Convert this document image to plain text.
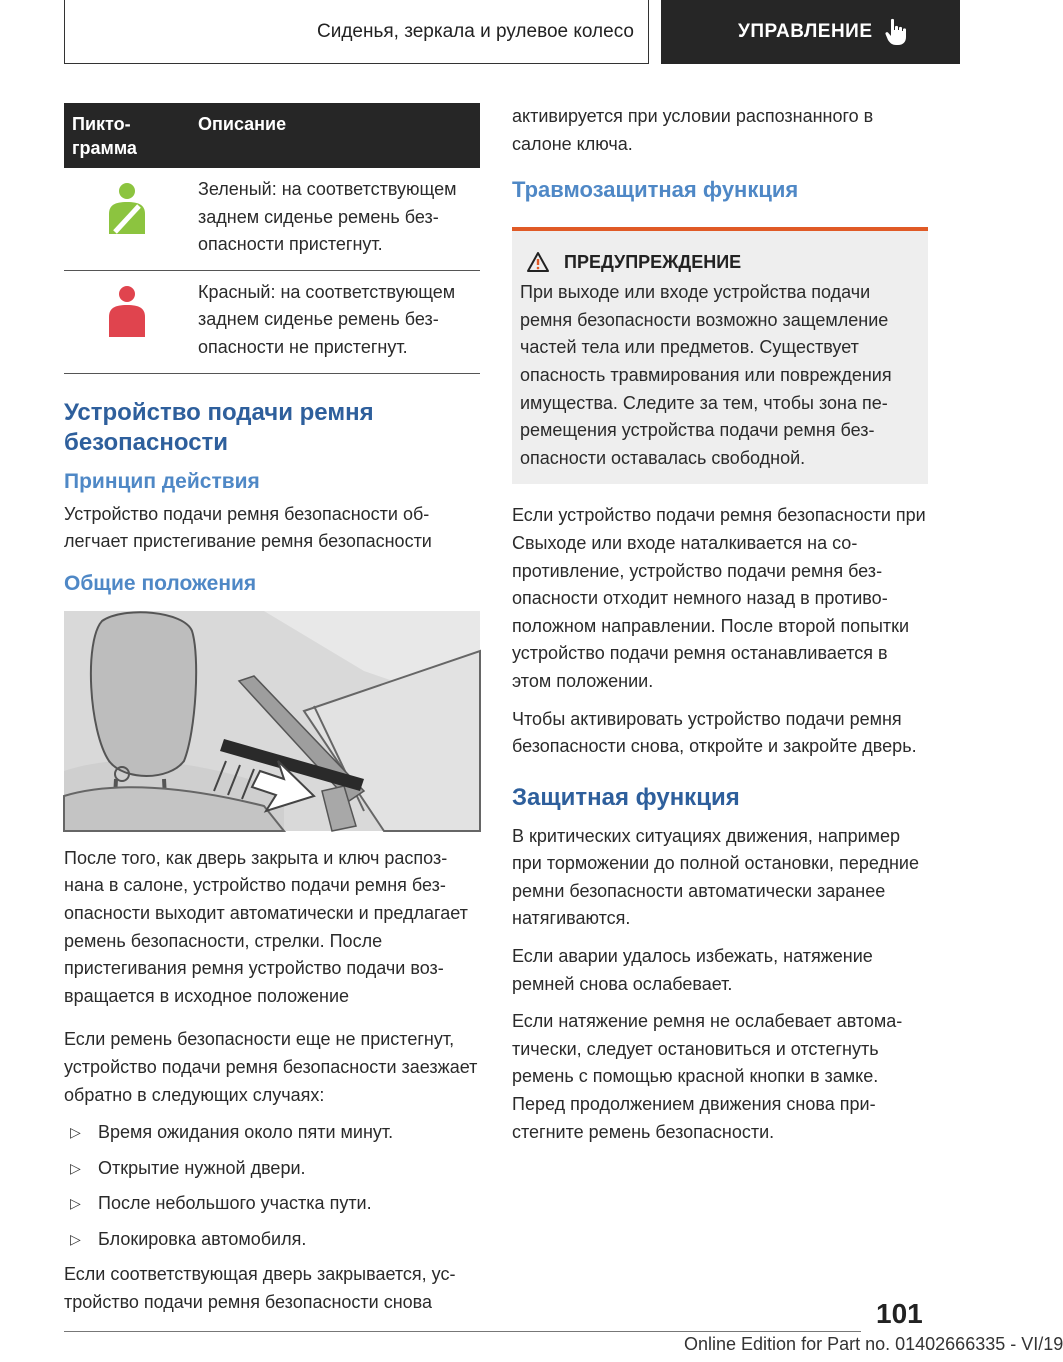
Сиденья, зеркала и рулевое колесо	УПРАВЛЕНИЕ
Пикто-
грамма	Описание
	Зеленый: на соответствующем заднем сиденье ремень безопасности пристегнут.
	Красный: на соответствующем заднем сиденье ремень безопасности не пристегнут.
Устройство подачи ремня безопасности
Принцип действия

Устройство подачи ремня безопасности облегчает пристегивание ремня безопасности

Общие положения

После того, как дверь закрыта и ключ распознана в салоне, устройство подачи ремня безопасности выходит автоматически и предлагает ремень безопасности, стрелки. После пристегивания ремня устройство подачи возвращается в исходное положение

Если ремень безопасности еще не пристегнут, устройство подачи ремня безопасности заезжает обратно в следующих случаях:

▷ Время ожидания около пяти минут.
▷ Открытие нужной двери.
▷ После небольшого участка пути.
▷ Блокировка автомобиля.

Если соответствующая дверь закрывается, устройство подачи ремня безопасности снова

активируется при условии распознанного в салоне ключа.

Травмозащитная функция
ПРЕДУПРЕЖДЕНИЕ

При выходе или входе устройства подачи ремня безопасности возможно защемление частей тела или предметов. Существует опасность травмирования или повреждения имущества. Следите за тем, чтобы зона перемещения устройства подачи ремня безопасности оставалась свободной.

Если устройство подачи ремня безопасности при Свыходе или входе наталкивается на сопротивление, устройство подачи ремня безопасности отходит немного назад в противоположном направлении. После второй попытки устройство подачи ремня останавливается в этом положении.

Чтобы активировать устройство подачи ремня безопасности снова, откройте и закройте дверь.

Защитная функция

В критических ситуациях движения, например при торможении до полной остановки, передние ремни безопасности автоматически заранее натягиваются.

Если аварии удалось избежать, натяжение ремней снова ослабевает.

Если натяжение ремня не ослабевает автоматически, следует остановиться и отстегнуть ремень с помощью красной кнопки в замке. Перед продолжением движения снова пристегните ремень безопасности.

101
Online Edition for Part no. 01402666335 - VI/19
